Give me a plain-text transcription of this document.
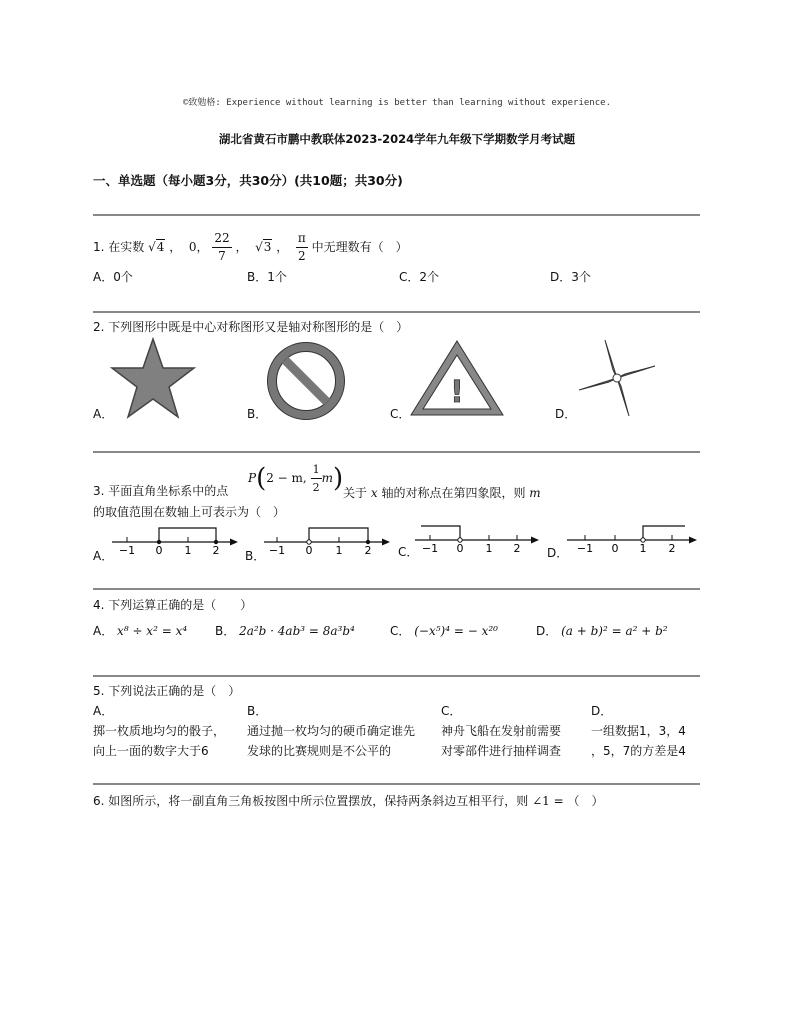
©致勉格: Experience without learning is better than learning without experience.
湖北省黄石市鹏中教联体2023-2024学年九年级下学期数学月考试题
一、单选题（每小题3分，共30分）(共10题；共30分)
1. 在实数 √4 ， 0， $\frac{22}{7}$ ， √3 ， $\frac{\pi}{2}$ 中无理数有（　）
A．0个	B．1个	C．2个	D．3个
2. 下列图形中既是中心对称图形又是轴对称图形的是（　）
A．	B．	C．
!
D．
3. 平面直角坐标系中的点
P(2 − m, $\frac{1}{2} m$) 关于 x 轴的对称点在第四象限，则 m
的取值范围在数轴上可表示为（　）
A． −1 0 1 2 B． −1 0 1 2 C． −1 0 1 2 D． −1 0 1 2
4. 下列运算正确的是（　　）
A． x⁸ ÷ x² = x⁴ B． 2a²b · 4ab³ = 8a³b⁴	C． (−x⁵)⁴ = − x²⁰	D． (a + b)² = a² + b²
5. 下列说法正确的是（　）
A．
掷一枚质地均匀的骰子，
向上一面的数字大于6
B．
通过抛一枚均匀的硬币确定谁先
发球的比赛规则是不公平的
C．
神舟飞船在发射前需要
对零部件进行抽样调查
D．
一组数据1，3，4
，5，7的方差是4
6. 如图所示，将一副直角三角板按图中所示位置摆放，保持两条斜边互相平行，则 ∠1 = （　）
